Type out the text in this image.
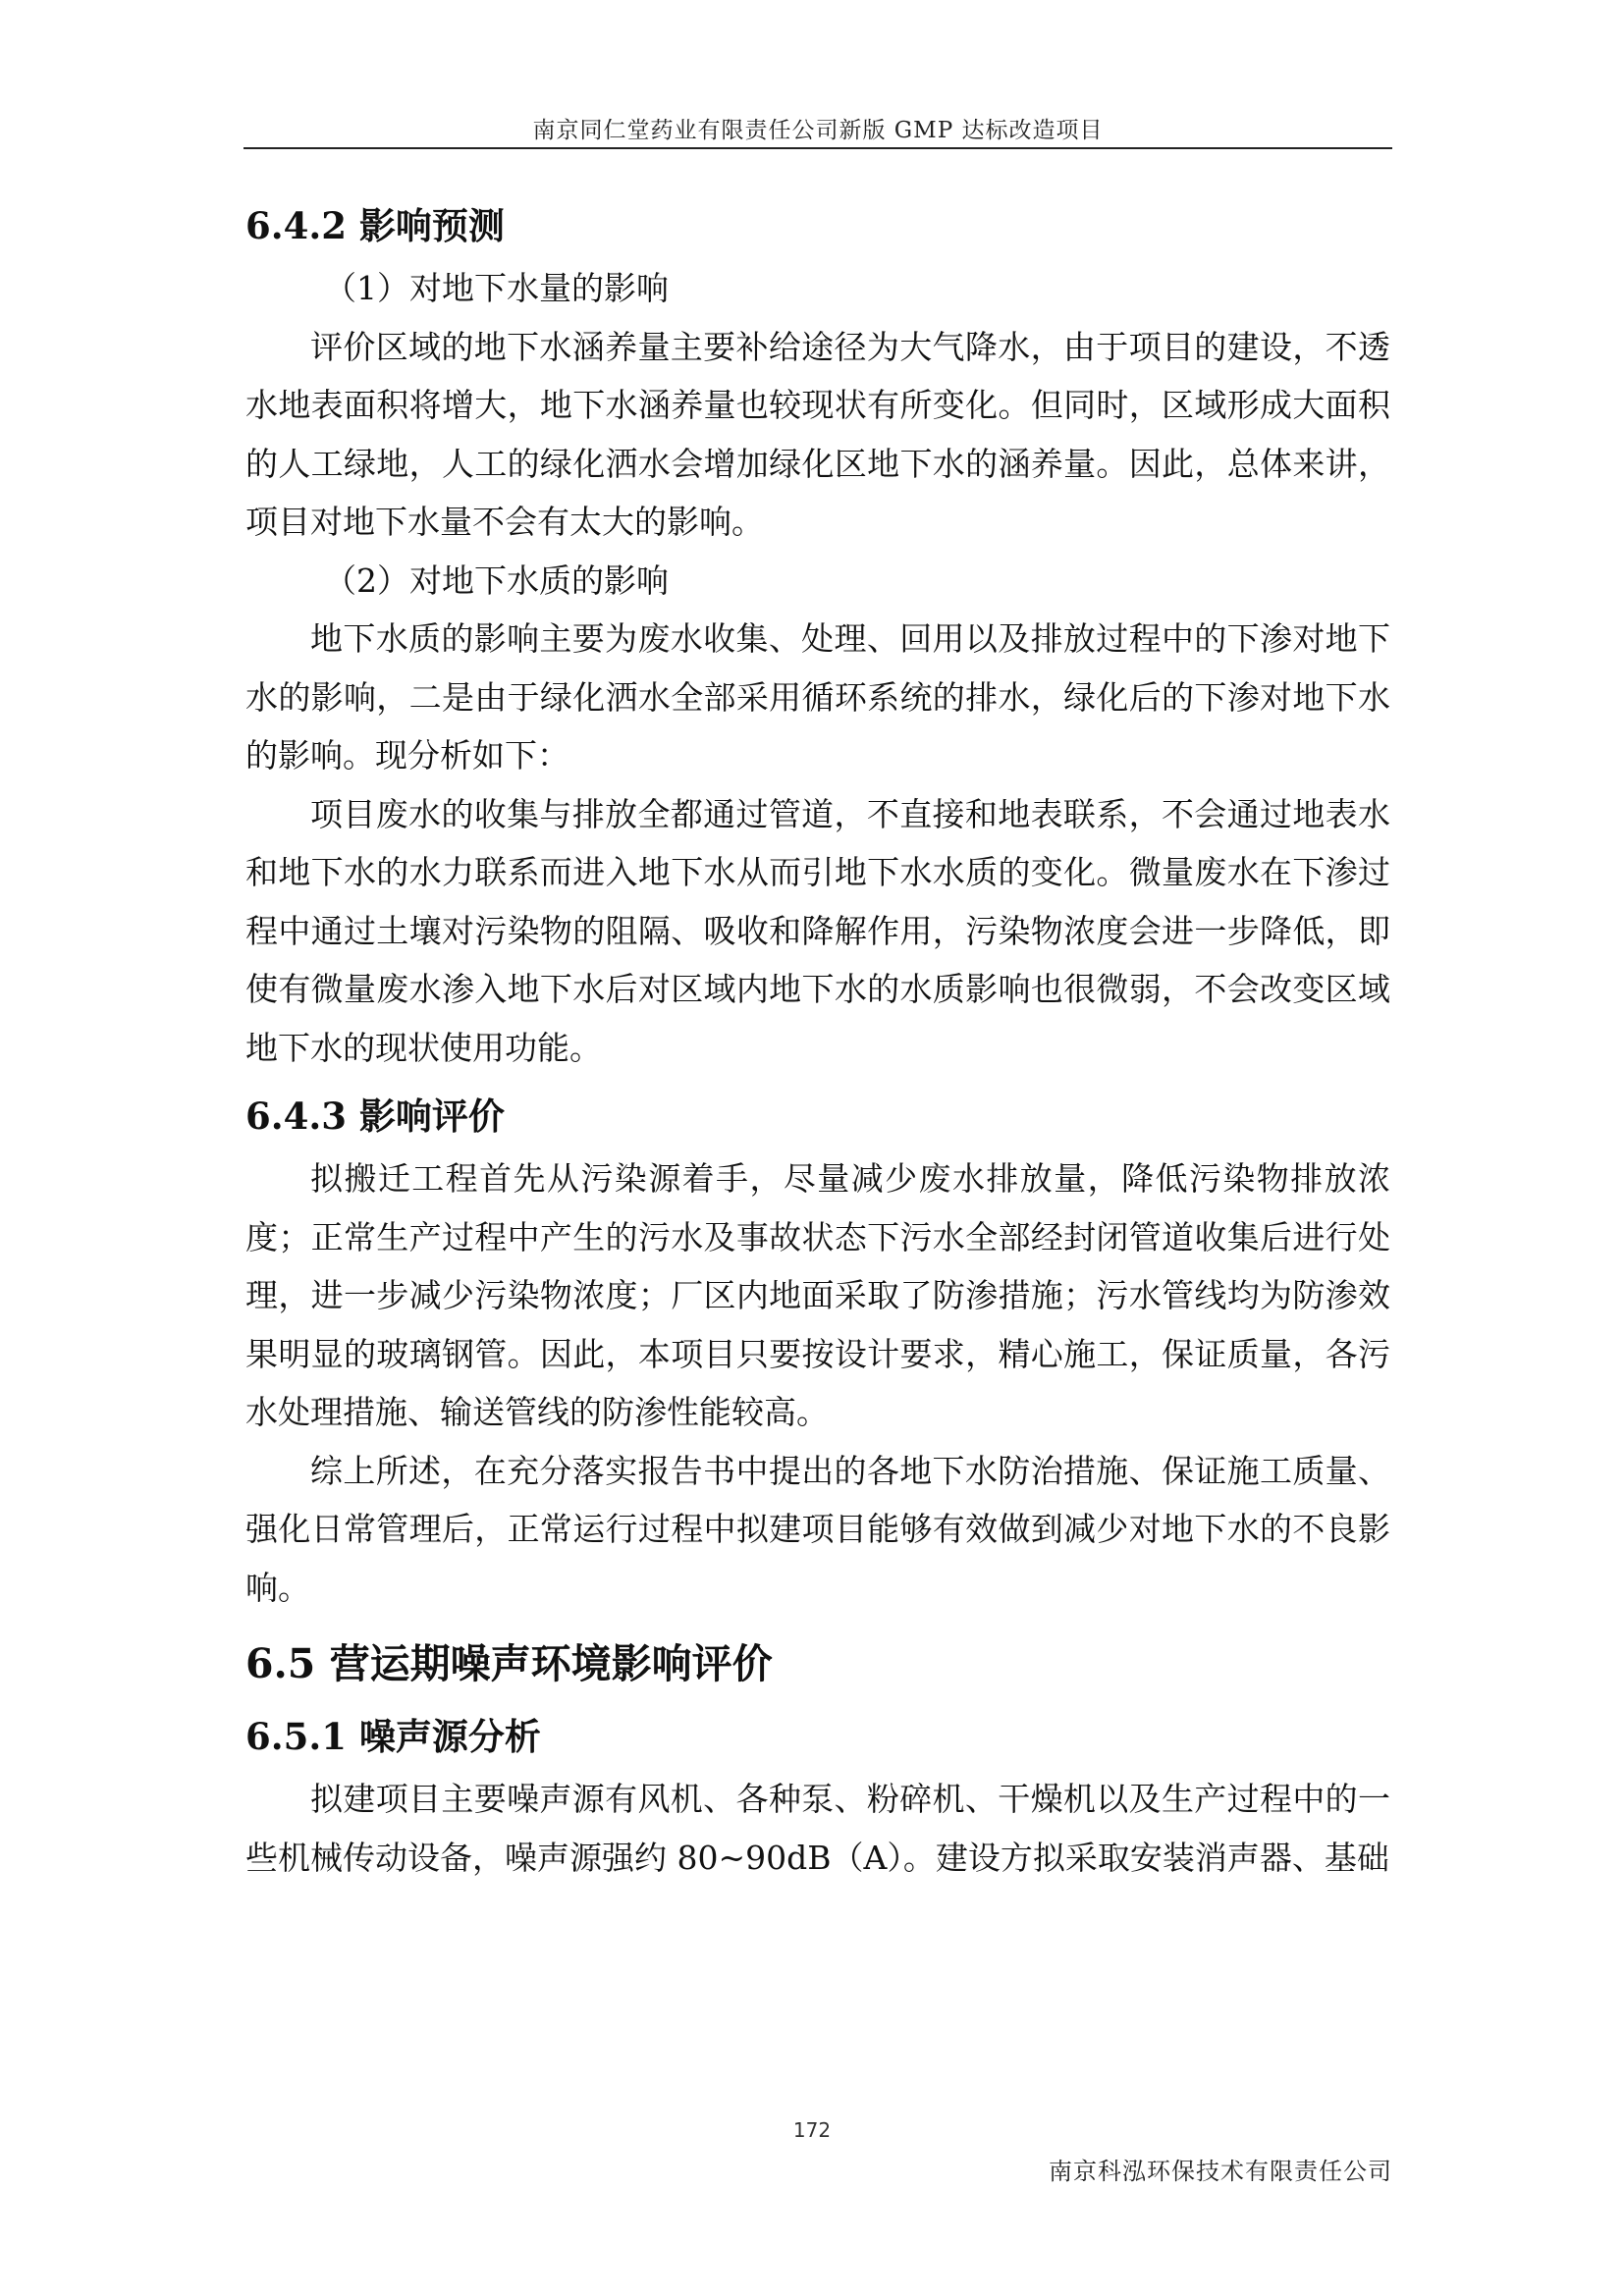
南京同仁堂药业有限责任公司新版 GMP 达标改造项目
6.4.2 影响预测

（1）对地下水量的影响

评价区域的地下水涵养量主要补给途径为大气降水，由于项目的建设，不透水地表面积将增大，地下水涵养量也较现状有所变化。但同时，区域形成大面积的人工绿地，人工的绿化洒水会增加绿化区地下水的涵养量。因此，总体来讲，项目对地下水量不会有太大的影响。

（2）对地下水质的影响

地下水质的影响主要为废水收集、处理、回用以及排放过程中的下渗对地下水的影响，二是由于绿化洒水全部采用循环系统的排水，绿化后的下渗对地下水的影响。现分析如下：

项目废水的收集与排放全都通过管道，不直接和地表联系，不会通过地表水和地下水的水力联系而进入地下水从而引地下水水质的变化。微量废水在下渗过程中通过土壤对污染物的阻隔、吸收和降解作用，污染物浓度会进一步降低，即使有微量废水渗入地下水后对区域内地下水的水质影响也很微弱，不会改变区域地下水的现状使用功能。

6.4.3 影响评价

拟搬迁工程首先从污染源着手，尽量减少废水排放量，降低污染物排放浓度；正常生产过程中产生的污水及事故状态下污水全部经封闭管道收集后进行处理，进一步减少污染物浓度；厂区内地面采取了防渗措施；污水管线均为防渗效果明显的玻璃钢管。因此，本项目只要按设计要求，精心施工，保证质量，各污水处理措施、输送管线的防渗性能较高。

综上所述，在充分落实报告书中提出的各地下水防治措施、保证施工质量、强化日常管理后，正常运行过程中拟建项目能够有效做到减少对地下水的不良影响。

6.5 营运期噪声环境影响评价
6.5.1 噪声源分析

拟建项目主要噪声源有风机、各种泵、粉碎机、干燥机以及生产过程中的一些机械传动设备，噪声源强约 80~90dB（A）。建设方拟采取安装消声器、基础

172
南京科泓环保技术有限责任公司
